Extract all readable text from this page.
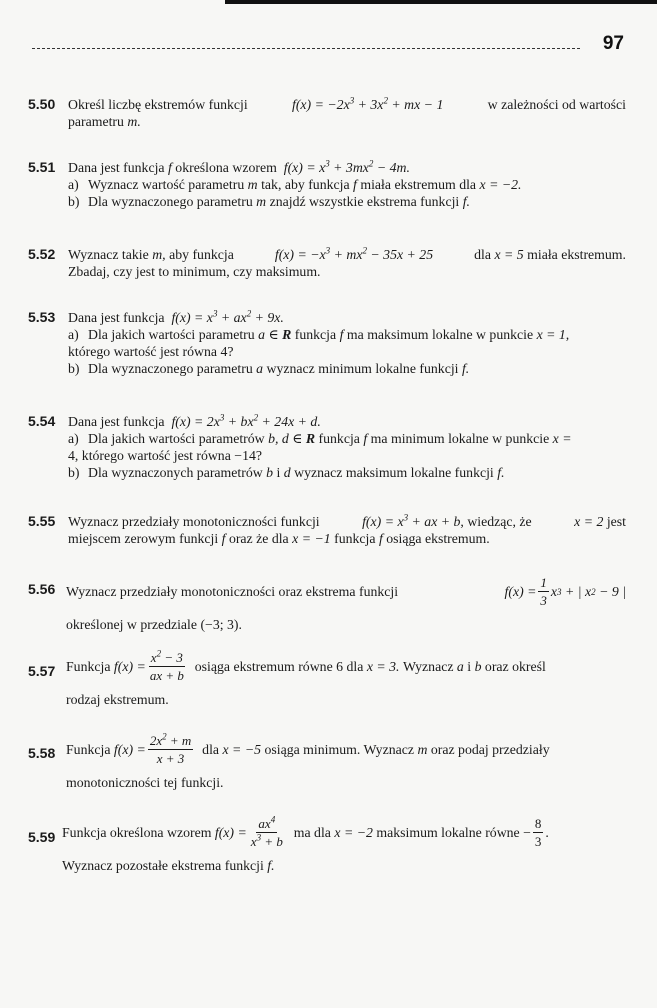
97
5.50 Określ liczbę ekstremów funkcji	$f(x) = -2x^3 + 3x^2$ + mx − 1	w zależności od wartości
parametru m.
5.51 Dana jest funkcja f określona wzorem $f(x) = x^3 + 3mx^2 - 4m$.
a) Wyznacz wartość parametru m tak, aby funkcja f miała ekstremum dla x = −2.
b) Dla wyznaczonego parametru m znajdź wszystkie ekstrema funkcji f.
5.52 Wyznacz takie m, aby funkcja	$f(x) = -x^3 + mx^2 - 35x + 25$	dla x = 5 miała ekstremum.
Zbadaj, czy jest to minimum, czy maksimum.
5.53 Dana jest funkcja $f(x) = x^3 + ax^2 + 9x$.
a) Dla jakich wartości parametru a ∈ R funkcja f ma maksimum lokalne w punkcie x = 1,
którego wartość jest równa 4?
b) Dla wyznaczonego parametru a wyznacz minimum lokalne funkcji f.
5.54 Dana jest funkcja $f(x) = 2x^3 + bx^2 + 24x + d$.
a) Dla jakich wartości parametrów b, d ∈ R funkcja f ma minimum lokalne w punkcie x =
4, którego wartość jest równa −14?
b) Dla wyznaczonych parametrów b i d wyznacz maksimum lokalne funkcji f.
5.55 Wyznacz przedziały monotoniczności funkcji	$f(x) = x^3$ + ax + b, wiedząc, że	x = 2 jest
miejscem zerowym funkcji f oraz że dla x = −1 funkcja f osiąga ekstremum.
5.56 Wyznacz przedziały monotoniczności oraz ekstrema funkcji	$f(x) = \frac{1}{3}$ x 3
+ | x 2
− 9 |
określonej w przedziale (−3; 3).
5.57 Funkcja
$f(x) = \frac{x^2 - 3}{ax + b}$
osiąga ekstremum równe 6 dla
x = 3.
Wyznacz
a
i
b
oraz określ
rodzaj ekstremum.
5.58 Funkcja
$f(x) = \frac{2x^2 + m}{x + 3}$
dla
x = −5
osiąga minimum. Wyznacz
m
oraz podaj przedziały
monotoniczności tej funkcji.
5.59 Funkcja określona wzorem
$f(x) = \frac{ax^4}{x^3 + b}$
ma dla
x = −2
maksimum lokalne równe
− $\frac{8}{3}$ .
Wyznacz pozostałe ekstrema funkcji f.
